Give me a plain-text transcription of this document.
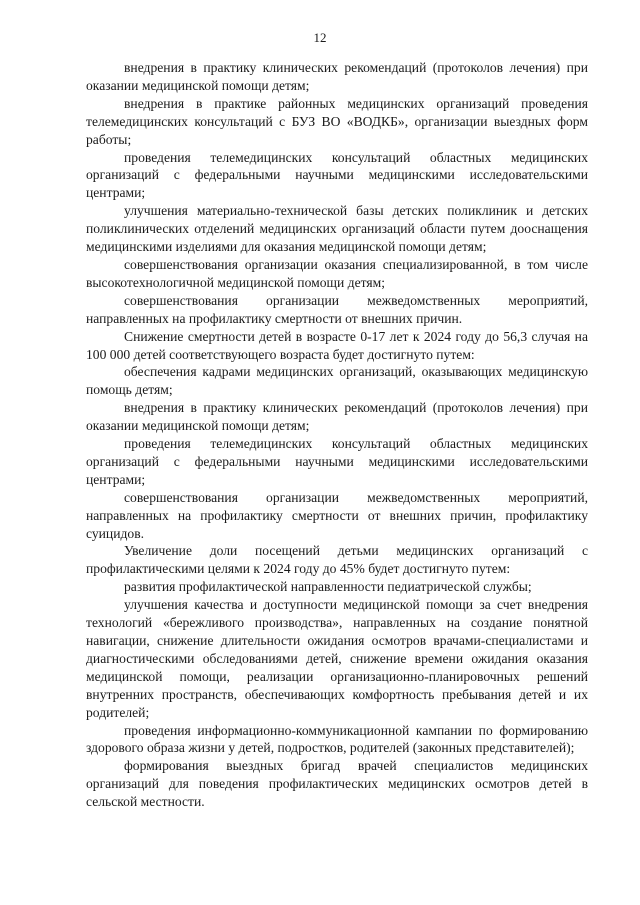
12

внедрения в практику клинических рекомендаций (протоколов лечения) при оказании медицинской помощи детям;

внедрения в практике районных медицинских организаций проведения телемедицинских консультаций с БУЗ ВО «ВОДКБ», организации выездных форм работы;

проведения телемедицинских консультаций областных медицинских организаций с федеральными научными медицинскими исследовательскими центрами;

улучшения материально-технической базы детских поликлиник и детских поликлинических отделений медицинских организаций области путем дооснащения медицинскими изделиями для оказания медицинской помощи детям;

совершенствования организации оказания специализированной, в том числе высокотехнологичной медицинской помощи детям;

совершенствования организации межведомственных мероприятий, направленных на профилактику смертности от внешних причин.

Снижение смертности детей в возрасте 0-17 лет к 2024 году до 56,3 случая на 100 000 детей соответствующего возраста будет достигнуто путем:

обеспечения кадрами медицинских организаций, оказывающих медицинскую помощь детям;

внедрения в практику клинических рекомендаций (протоколов лечения) при оказании медицинской помощи детям;

проведения телемедицинских консультаций областных медицинских организаций с федеральными научными медицинскими исследовательскими центрами;

совершенствования организации межведомственных мероприятий, направленных на профилактику смертности от внешних причин, профилактику суицидов.

Увеличение доли посещений детьми медицинских организаций с профилактическими целями к 2024 году до 45% будет достигнуто путем:

развития профилактической направленности педиатрической службы;

улучшения качества и доступности медицинской помощи за счет внедрения технологий «бережливого производства», направленных на создание понятной навигации, снижение длительности ожидания осмотров врачами-специалистами и диагностическими обследованиями детей, снижение времени ожидания оказания медицинской помощи, реализации организационно-планировочных решений внутренних пространств, обеспечивающих комфортность пребывания детей и их родителей;

проведения информационно-коммуникационной кампании по формированию здорового образа жизни у детей, подростков, родителей (законных представителей);

формирования выездных бригад врачей специалистов медицинских организаций для поведения профилактических медицинских осмотров детей в сельской местности.
